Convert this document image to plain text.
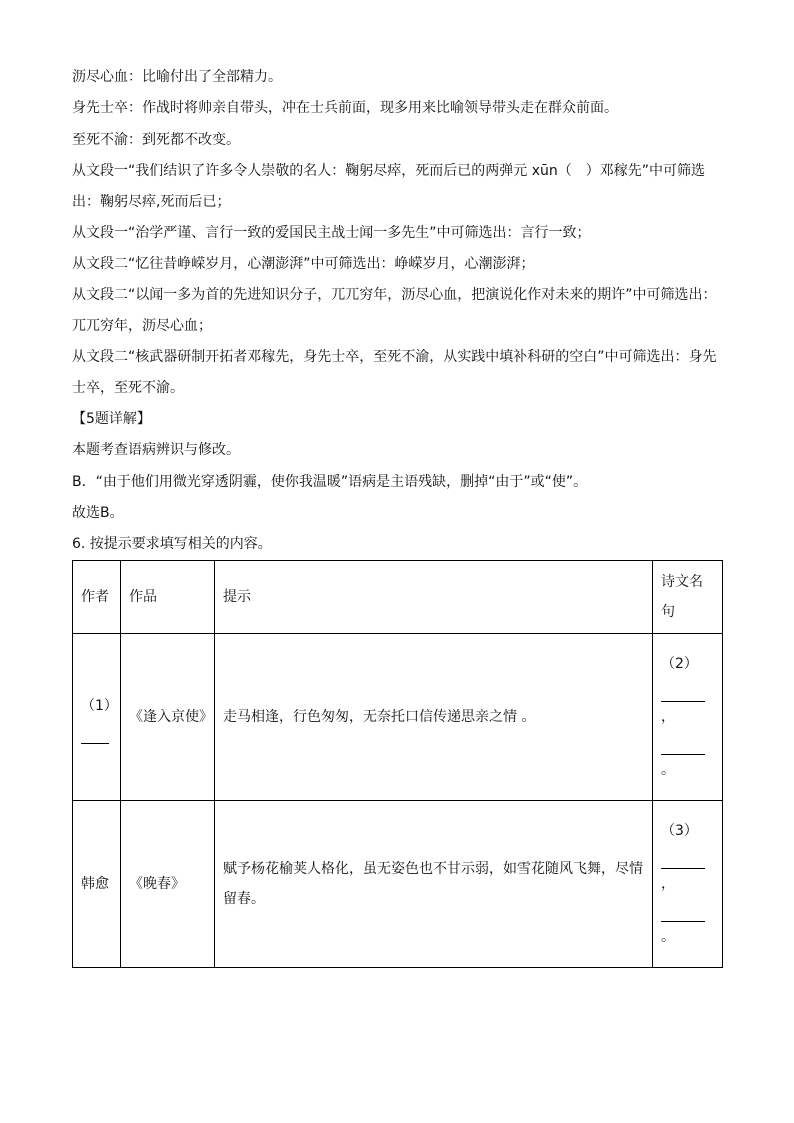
沥尽心血：比喻付出了全部精力。

身先士卒：作战时将帅亲自带头，冲在士兵前面，现多用来比喻领导带头走在群众前面。

至死不渝：到死都不改变。

从文段一“我们结识了许多令人崇敬的名人：鞠躬尽瘁，死而后已的两弹元 xūn（　）邓稼先”中可筛选出：鞠躬尽瘁,死而后已；

从文段一“治学严谨、言行一致的爱国民主战士闻一多先生”中可筛选出：言行一致；

从文段二“忆往昔峥嵘岁月，心潮澎湃”中可筛选出：峥嵘岁月，心潮澎湃；

从文段二“以闻一多为首的先进知识分子，兀兀穷年，沥尽心血，把演说化作对未来的期许”中可筛选出：兀兀穷年，沥尽心血；

从文段二“核武器研制开拓者邓稼先，身先士卒，至死不渝，从实践中填补科研的空白”中可筛选出：身先士卒，至死不渝。

【5题详解】

本题考查语病辨识与修改。

B．“由于他们用微光穿透阴霾，使你我温暖”语病是主语残缺，删掉“由于”或“使”。

故选B。

6. 按提示要求填写相关的内容。

作者	作品	提示	诗文名句
（1）	《逢入京使》	走马相逢，行色匆匆，无奈托口信传递思亲之情 。	（2）
，
。

韩愈	《晚春》	赋予杨花榆荚人格化，虽无姿色也不甘示弱，如雪花随风飞舞，尽情留春。	（3）
，
。
